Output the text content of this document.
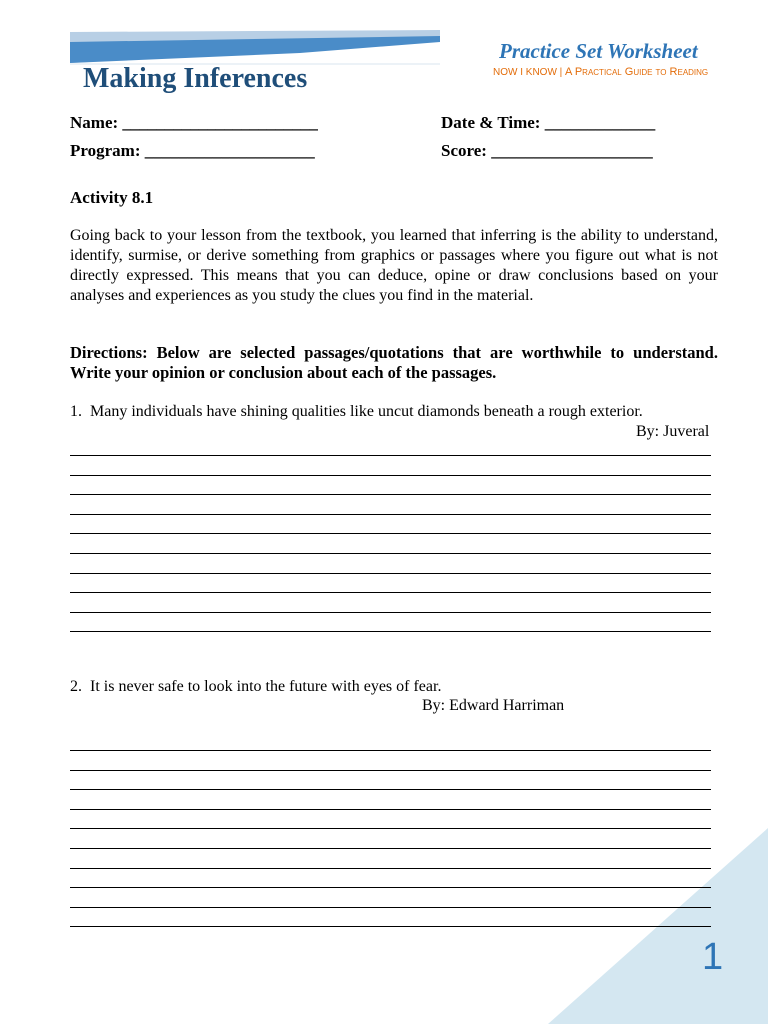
Making Inferences
Practice Set Worksheet
NOW I KNOW | A Practical Guide to Reading
Name: _______________________	Date & Time: _____________
Program: ____________________	Score: ___________________
Activity 8.1
Going back to your lesson from the textbook, you learned that inferring is the ability to understand, identify, surmise, or derive something from graphics or passages where you figure out what is not directly expressed. This means that you can deduce, opine or draw conclusions based on your analyses and experiences as you study the clues you find in the material.
Directions: Below are selected passages/quotations that are worthwhile to understand. Write your opinion or conclusion about each of the passages.
1. Many individuals have shining qualities like uncut diamonds beneath a rough exterior.
By: Juveral
2. It is never safe to look into the future with eyes of fear.
By: Edward Harriman
1
